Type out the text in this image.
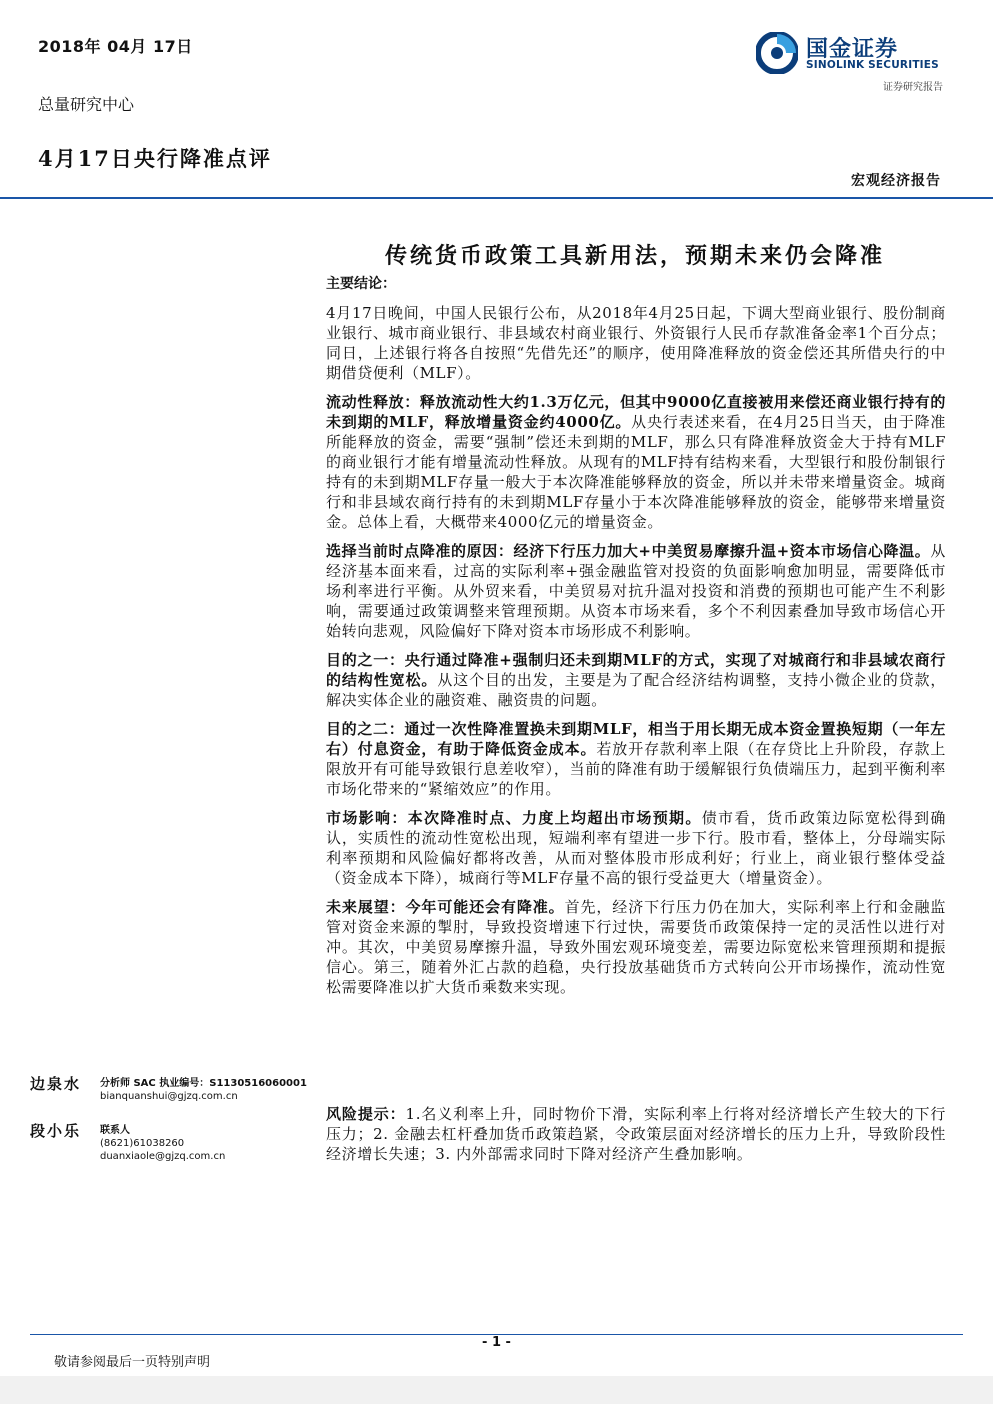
2018年 04月 17日
总量研究中心
4月17日央行降准点评
国金证券
SINOLINK SECURITIES
证券研究报告
宏观经济报告
传统货币政策工具新用法，预期未来仍会降准
主要结论：

4月17日晚间，中国人民银行公布，从2018年4月25日起，下调大型商业银行、股份制商业银行、城市商业银行、非县域农村商业银行、外资银行人民币存款准备金率1个百分点；同日，上述银行将各自按照“先借先还”的顺序，使用降准释放的资金偿还其所借央行的中期借贷便利（MLF）。

流动性释放：释放流动性大约1.3万亿元，但其中9000亿直接被用来偿还商业银行持有的未到期的MLF，释放增量资金约4000亿。从央行表述来看，在4月25日当天，由于降准所能释放的资金，需要“强制”偿还未到期的MLF，那么只有降准释放资金大于持有MLF的商业银行才能有增量流动性释放。从现有的MLF持有结构来看，大型银行和股份制银行持有的未到期MLF存量一般大于本次降准能够释放的资金，所以并未带来增量资金。城商行和非县域农商行持有的未到期MLF存量小于本次降准能够释放的资金，能够带来增量资金。总体上看，大概带来4000亿元的增量资金。

选择当前时点降准的原因：经济下行压力加大+中美贸易摩擦升温+资本市场信心降温。从经济基本面来看，过高的实际利率+强金融监管对投资的负面影响愈加明显，需要降低市场利率进行平衡。从外贸来看，中美贸易对抗升温对投资和消费的预期也可能产生不利影响，需要通过政策调整来管理预期。从资本市场来看，多个不利因素叠加导致市场信心开始转向悲观，风险偏好下降对资本市场形成不利影响。

目的之一：央行通过降准+强制归还未到期MLF的方式，实现了对城商行和非县域农商行的结构性宽松。从这个目的出发，主要是为了配合经济结构调整，支持小微企业的贷款，解决实体企业的融资难、融资贵的问题。

目的之二：通过一次性降准置换未到期MLF，相当于用长期无成本资金置换短期（一年左右）付息资金，有助于降低资金成本。若放开存款利率上限（在存贷比上升阶段，存款上限放开有可能导致银行息差收窄），当前的降准有助于缓解银行负债端压力，起到平衡利率市场化带来的“紧缩效应”的作用。

市场影响：本次降准时点、力度上均超出市场预期。债市看，货币政策边际宽松得到确认，实质性的流动性宽松出现，短端利率有望进一步下行。股市看，整体上，分母端实际利率预期和风险偏好都将改善，从而对整体股市形成利好；行业上，商业银行整体受益（资金成本下降），城商行等MLF存量不高的银行受益更大（增量资金）。

未来展望：今年可能还会有降准。首先，经济下行压力仍在加大，实际利率上行和金融监管对资金来源的掣肘，导致投资增速下行过快，需要货币政策保持一定的灵活性以进行对冲。其次，中美贸易摩擦升温，导致外围宏观环境变差，需要边际宽松来管理预期和提振信心。第三，随着外汇占款的趋稳，央行投放基础货币方式转向公开市场操作，流动性宽松需要降准以扩大货币乘数来实现。

边泉水 分析师 SAC 执业编号：S1130516060001
bianquanshui@gjzq.com.cn
段小乐 联系人
(8621)61038260
duanxiaole@gjzq.com.cn

风险提示：1.名义利率上升，同时物价下滑，实际利率上行将对经济增长产生较大的下行压力；2. 金融去杠杆叠加货币政策趋紧，令政策层面对经济增长的压力上升，导致阶段性经济增长失速；3. 内外部需求同时下降对经济产生叠加影响。

- 1 -
敬请参阅最后一页特别声明
